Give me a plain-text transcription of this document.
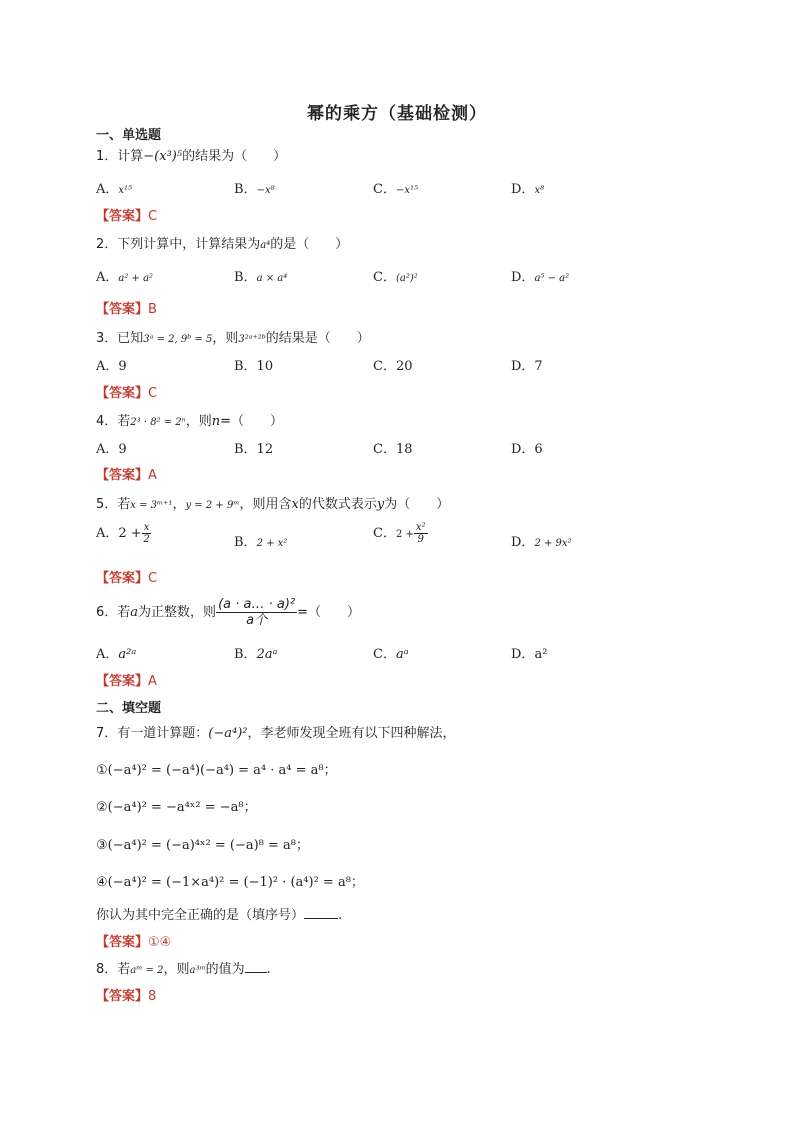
幂的乘方（基础检测）
一、单选题
1．计算−(x³)⁵的结果为（　　）
A．x¹⁵	B．−x⁸	C．−x¹⁵	D．x⁸
【答案】C
2．下列计算中，计算结果为a⁴的是（　　）
A．a² + a²	B．a × a⁴	C．(a²)²	D．a⁵ − a²
【答案】B
3．已知3ᵃ = 2, 9ᵇ = 5，则3²ᵃ⁺²ᵇ的结果是（　　）
A．9	B．10	C．20	D．7
【答案】C
4．若2³ · 8² = 2ⁿ，则n=（　　）
A．9	B．12	C．18	D．6
【答案】A
5．若x = 3ᵐ⁺¹，y = 2 + 9ᵐ，则用含x的代数式表示y为（　　）
A．$2 + \frac{x}{2}$	B．2 + x²
C．$2 + \frac{\text{x²}}{9}$	D．2 + 9x²
【答案】C
6．若a为正整数，则 $\frac{\text{(a · a… · a)²}}{\text{a个}}$ =（　　）
A．a²ᵃ	B．2aᵃ	C．aᵃ	D．a²
【答案】A
二、填空题
7．有一道计算题：(−a⁴)²，李老师发现全班有以下四种解法，
①(−a⁴)² = (−a⁴)(−a⁴) = a⁴ · a⁴ = a⁸；
②(−a⁴)² = −a⁴ˣ² = −a⁸；
③(−a⁴)² = (−a)⁴ˣ² = (−a)⁸ = a⁸；
④(−a⁴)² = (−1×a⁴)² = (−1)² · (a⁴)² = a⁸；
你认为其中完全正确的是（填序号）	.
【答案】①④
8．若aᵐ = 2，则a³ᵐ的值为 .
【答案】8
